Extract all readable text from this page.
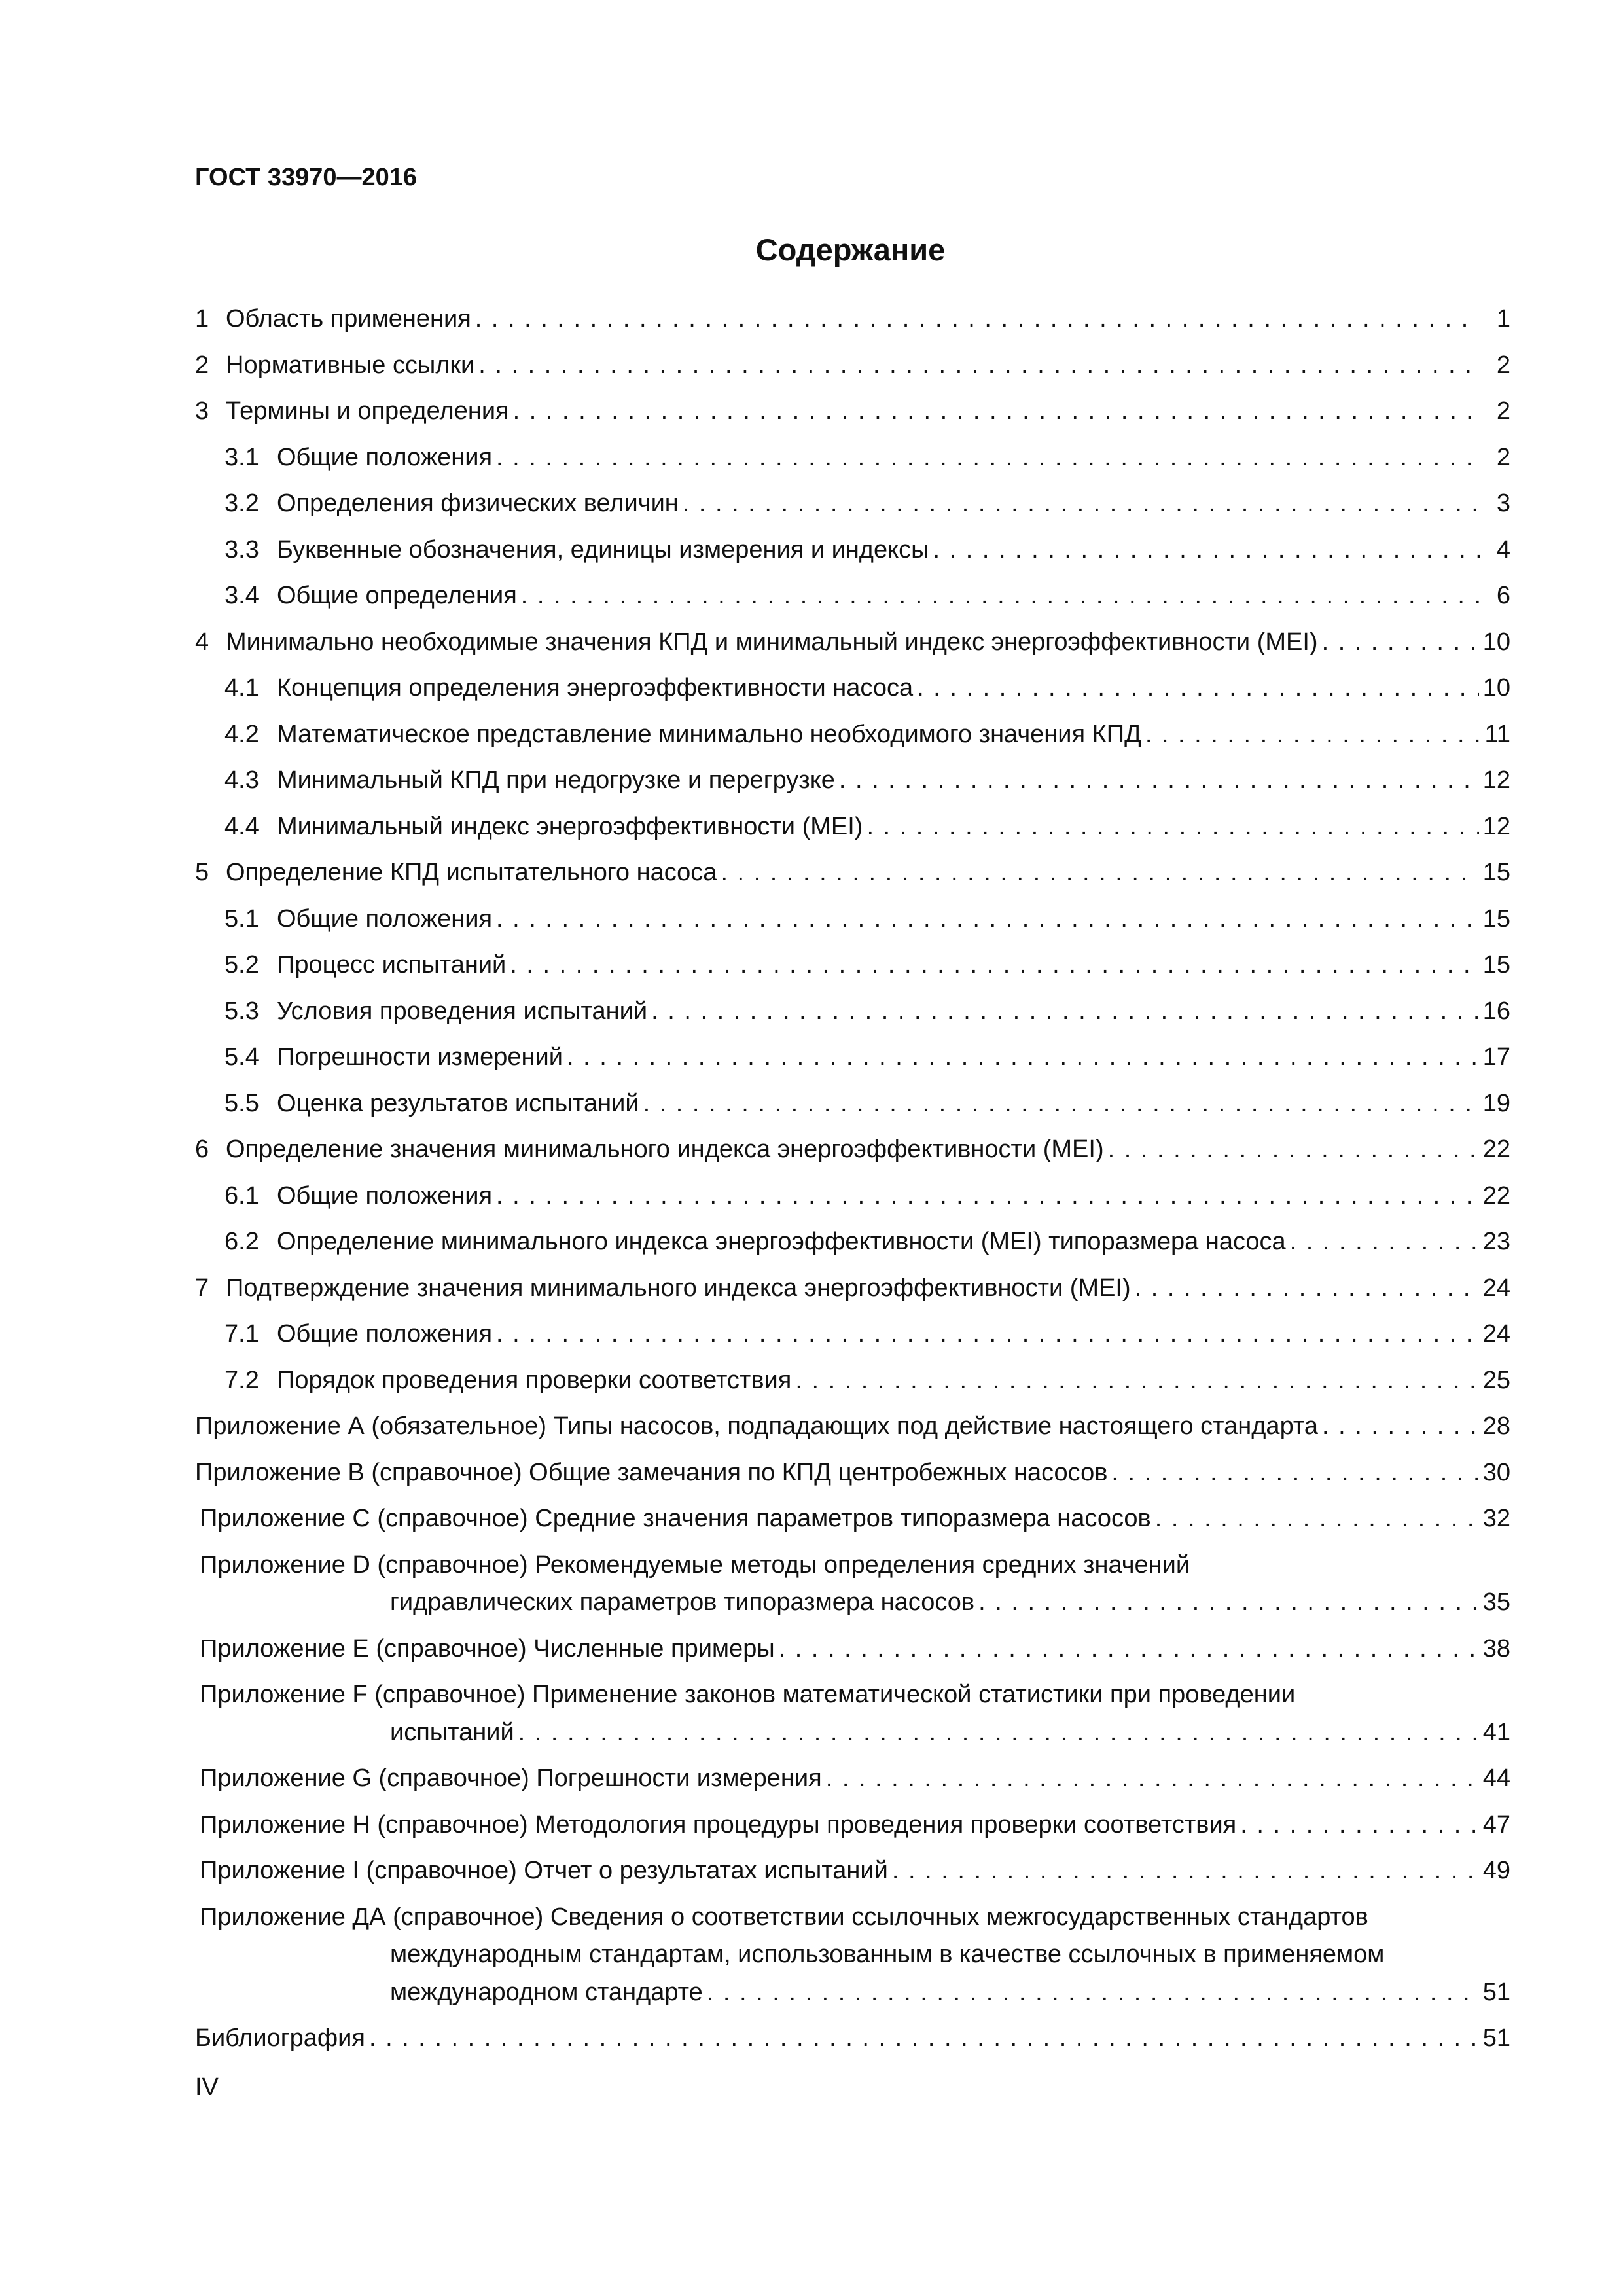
ГОСТ 33970—2016
Содержание
1 Область применения . . .	1
2 Нормативные ссылки . . .	2
3 Термины и определения . . .	2
3.1 Общие положения . . .	2
3.2 Определения физических величин . . .	3
3.3 Буквенные обозначения, единицы измерения и индексы . . .	4
3.4 Общие определения . . .	6
4 Минимально необходимые значения КПД и минимальный индекс энергоэффективности (MEI) . . .	10
4.1 Концепция определения энергоэффективности насоса . . .	10
4.2 Математическое представление минимально необходимого значения КПД . . .	11
4.3 Минимальный КПД при недогрузке и перегрузке . . .	12
4.4 Минимальный индекс энергоэффективности (MEI) . . .	12
5 Определение КПД испытательного насоса . . .	15
5.1 Общие положения . . .	15
5.2 Процесс испытаний . . .	15
5.3 Условия проведения испытаний . . .	16
5.4 Погрешности измерений . . .	17
5.5 Оценка результатов испытаний . . .	19
6 Определение значения минимального индекса энергоэффективности (MEI) . . .	22
6.1 Общие положения . . .	22
6.2 Определение минимального индекса энергоэффективности (MEI) типоразмера насоса . . .	23
7 Подтверждение значения минимального индекса энергоэффективности (MEI) . . .	24
7.1 Общие положения . . .	24
7.2 Порядок проведения проверки соответствия . . .	25
Приложение А (обязательное) Типы насосов, подпадающих под действие настоящего стандарта . . .	28
Приложение В (справочное) Общие замечания по КПД центробежных насосов . . .	30
Приложение С (справочное) Средние значения параметров типоразмера насосов . . .	32
Приложение D (справочное) Рекомендуемые методы определения средних значений
гидравлических параметров типоразмера насосов . . .	35
Приложение Е (справочное) Численные примеры . . .	38
Приложение F (справочное) Применение законов математической статистики при проведении
испытаний . . .	41
Приложение G (справочное) Погрешности измерения . . .	44
Приложение Н (справочное) Методология процедуры проведения проверки соответствия . . .	47
Приложение I (справочное) Отчет о результатах испытаний . . .	49
Приложение ДА (справочное) Сведения о соответствии ссылочных межгосударственных стандартов
международным стандартам, использованным в качестве ссылочных в применяемом
международном стандарте . . .	51
Библиография . . .	51
IV
